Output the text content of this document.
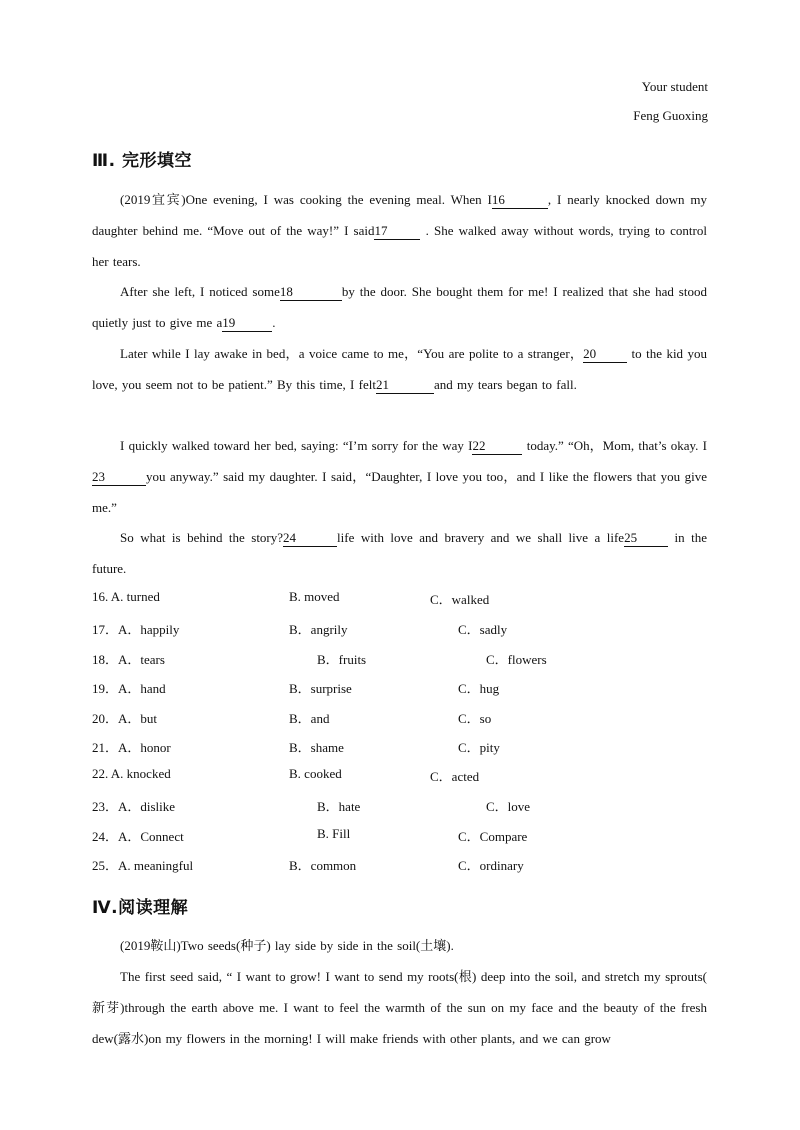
Your student
Feng Guoxing
Ⅲ. 完形填空
(2019宜宾)One evening, I was cooking the evening meal. When I16	, I nearly knocked down my daughter behind me. “Move out of the way!” I said17	. She walked away without words, trying to control her tears.
After she left, I noticed some18	by the door. She bought them for me! I realized that she had stood quietly just to give me a19	.
Later while I lay awake in bed，a voice came to me，“You are polite to a stranger，20	to the kid you love, you seem not to be patient.” By this time, I felt21	and my tears began to fall.
I quickly walked toward her bed, saying: “I’m sorry for the way I22	today.” “Oh，Mom, that’s okay. I23	you anyway.” said my daughter. I said，“Daughter, I love you too，and I like the flowers that you give me.”
So what is behind the story?24	life with love and bravery and we shall live a life25	in the future.
16. A. turned	B. moved	C．walked
17．A．happily	B．angrily	C．sadly
18．A．tears	B．fruits	C．flowers
19．A．hand	B．surprise	C．hug
20．A．but	B．and	C．so
21．A．honor	B．shame	C．pity
22. A. knocked	B. cooked	C．acted
23．A．dislike	B．hate	C．love
24．A．Connect	B. Fill	C．Compare
25．A. meaningful	B．common	C．ordinary
Ⅳ.阅读理解
(2019鞍山)Two seeds(种子) lay side by side in the soil(土壤).
The first seed said, “ I want to grow! I want to send my roots(根) deep into the soil, and stretch my sprouts( 新芽)through the earth above me. I want to feel the warmth of the sun on my face and the beauty of the fresh dew(露水)on my flowers in the morning! I will make friends with other plants, and we can grow
